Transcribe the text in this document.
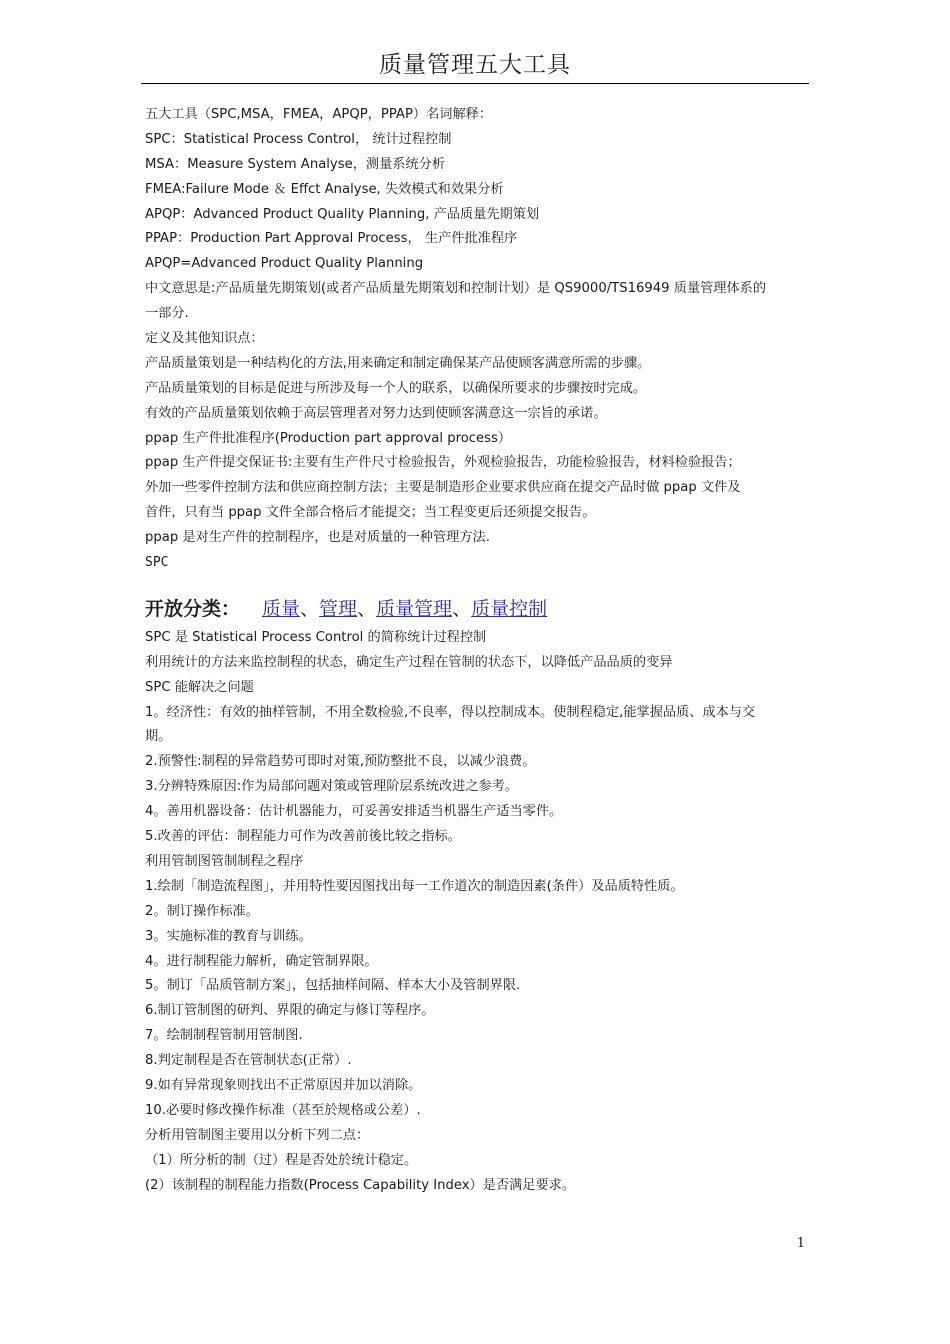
质量管理五大工具
五大工具（SPC,MSA，FMEA，APQP，PPAP）名词解释：
SPC：Statistical Process Control， 统计过程控制
MSA：Measure System Analyse，测量系统分析
FMEA:Failure Mode ＆ Effct Analyse, 失效模式和效果分析
APQP：Advanced Product Quality Planning, 产品质量先期策划
PPAP：Production Part Approval Process， 生产件批准程序
APQP=Advanced Product Quality Planning
中文意思是:产品质量先期策划(或者产品质量先期策划和控制计划）是 QS9000/TS16949 质量管理体系的
一部分.
定义及其他知识点：
产品质量策划是一种结构化的方法,用来确定和制定确保某产品使顾客满意所需的步骤。
产品质量策划的目标是促进与所涉及每一个人的联系，以确保所要求的步骤按时完成。
有效的产品质量策划依赖于高层管理者对努力达到使顾客满意这一宗旨的承诺。
ppap 生产件批准程序(Production part approval process）
ppap 生产件提交保证书:主要有生产件尺寸检验报告，外观检验报告，功能检验报告，材料检验报告；
外加一些零件控制方法和供应商控制方法；主要是制造形企业要求供应商在提交产品时做 ppap 文件及
首件，只有当 ppap 文件全部合格后才能提交；当工程变更后还须提交报告。
ppap 是对生产件的控制程序，也是对质量的一种管理方法.
SPC
开放分类： 质量 、 管理 、 质量管理 、 质量控制
SPC 是 Statistical Process Control 的简称统计过程控制
利用统计的方法来监控制程的状态，确定生产过程在管制的状态下，以降低产品品质的变异
SPC 能解决之问题
1。经济性：有效的抽样管制，不用全数检验,不良率，得以控制成本。使制程稳定,能掌握品质、成本与交
期。
2.预警性:制程的异常趋势可即时对策,预防整批不良，以减少浪费。
3.分辨特殊原因:作为局部问题对策或管理阶层系统改进之参考。
4。善用机器设备：估计机器能力，可妥善安排适当机器生产适当零件。
5.改善的评估：制程能力可作为改善前後比较之指标。
利用管制图管制制程之程序
1.绘制「制造流程图」，并用特性要因图找出每一工作道次的制造因素(条件）及品质特性质。
2。制订操作标准。
3。实施标准的教育与训练。
4。进行制程能力解析，确定管制界限。
5。制订「品质管制方案」，包括抽样间隔、样本大小及管制界限.
6.制订管制图的研判、界限的确定与修订等程序。
7。绘制制程管制用管制图.
8.判定制程是否在管制状态(正常）.
9.如有异常现象则找出不正常原因并加以消除。
10.必要时修改操作标准（甚至於规格或公差）.
分析用管制图主要用以分析下列二点：
（1）所分析的制（过）程是否处於统计稳定。
(2）该制程的制程能力指数(Process Capability Index）是否满足要求。
1
